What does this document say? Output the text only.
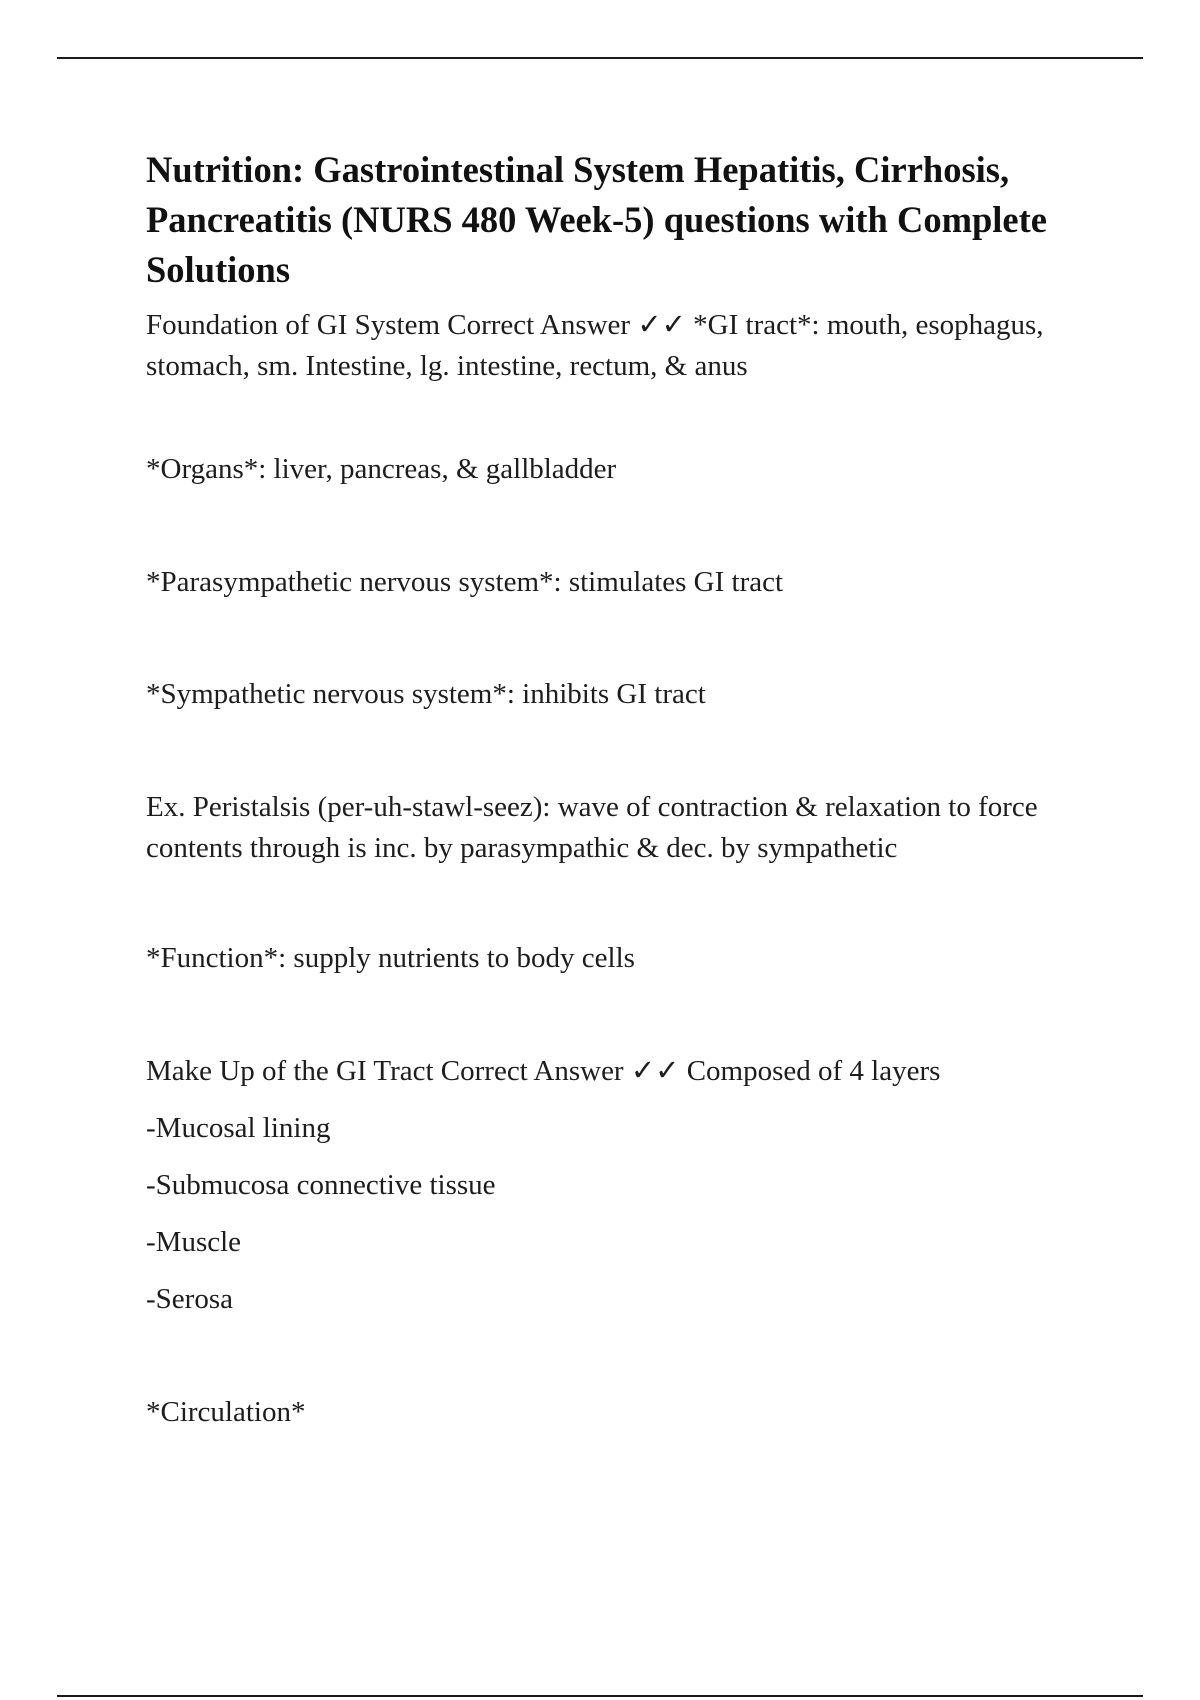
Nutrition: Gastrointestinal System Hepatitis, Cirrhosis, Pancreatitis (NURS 480 Week-5) questions with Complete Solutions

Foundation of GI System Correct Answer ✓✓ *GI tract*: mouth, esophagus, stomach, sm. Intestine, lg. intestine, rectum, & anus

*Organs*: liver, pancreas, & gallbladder

*Parasympathetic nervous system*: stimulates GI tract

*Sympathetic nervous system*: inhibits GI tract

Ex. Peristalsis (per-uh-stawl-seez): wave of contraction & relaxation to force contents through is inc. by parasympathic & dec. by sympathetic

*Function*: supply nutrients to body cells

Make Up of the GI Tract Correct Answer ✓✓ Composed of 4 layers

-Mucosal lining

-Submucosa connective tissue

-Muscle

-Serosa

*Circulation*
